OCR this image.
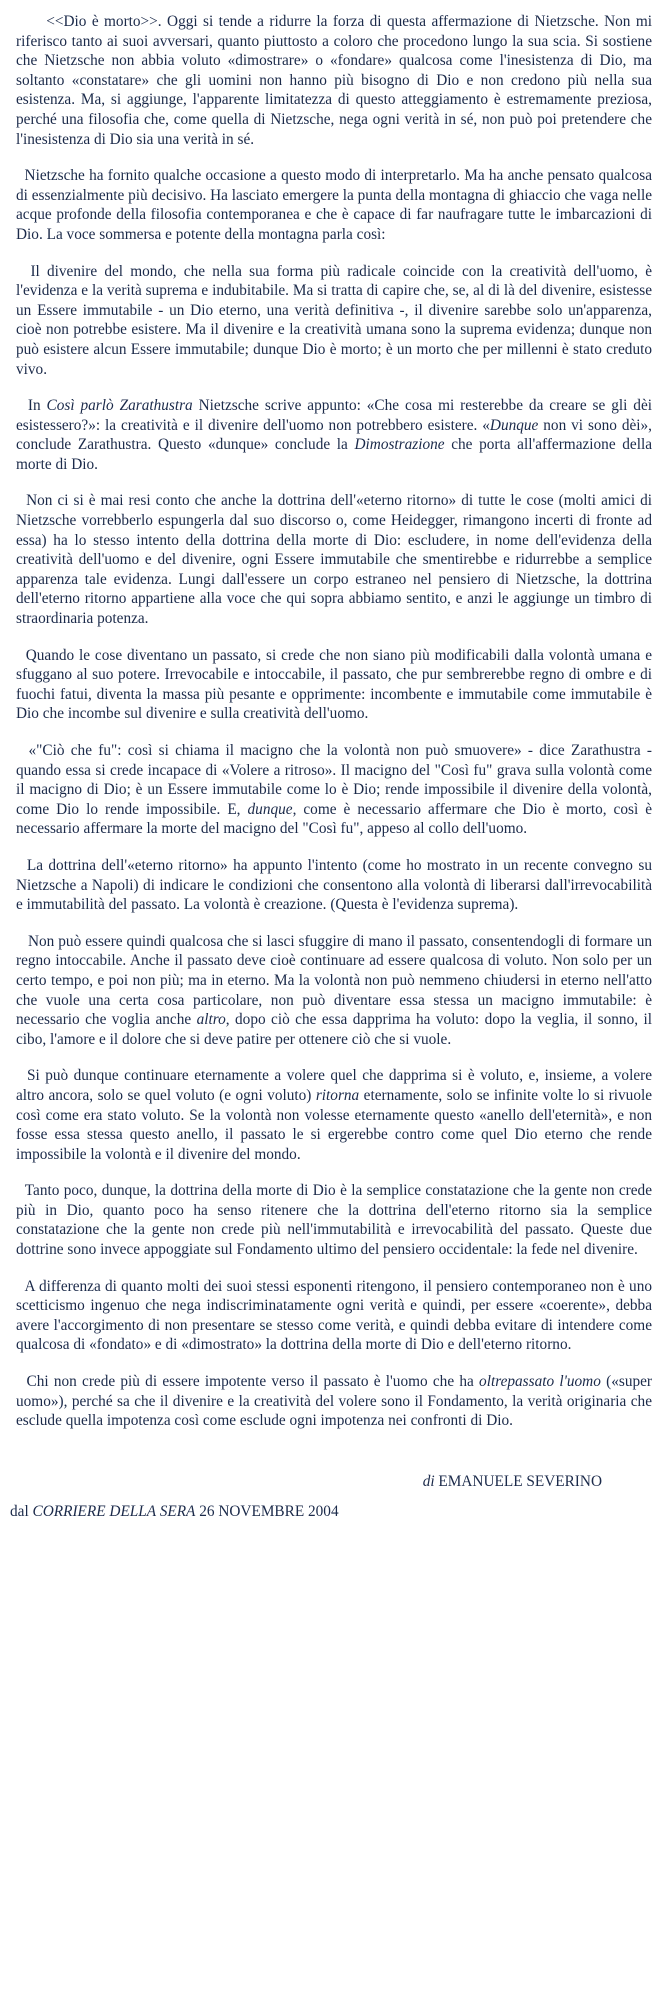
<<Dio è morto>>. Oggi si tende a ridurre la forza di questa affermazione di Nietzsche. Non mi riferisco tanto ai suoi avversari, quanto piuttosto a coloro che procedono lungo la sua scia. Si sostiene che Nietzsche non abbia voluto «dimostrare» o «fondare» qualcosa come l'inesistenza di Dio, ma soltanto «constatare» che gli uomini non hanno più bisogno di Dio e non credono più nella sua esistenza. Ma, si aggiunge, l'apparente limitatezza di questo atteggiamento è estremamente preziosa, perché una filosofia che, come quella di Nietzsche, nega ogni verità in sé, non può poi pretendere che l'inesistenza di Dio sia una verità in sé.

Nietzsche ha fornito qualche occasione a questo modo di interpretarlo. Ma ha anche pensato qualcosa di essenzialmente più decisivo. Ha lasciato emergere la punta della montagna di ghiaccio che vaga nelle acque profonde della filosofia contemporanea e che è capace di far naufragare tutte le imbarcazioni di Dio. La voce sommersa e potente della montagna parla così:

Il divenire del mondo, che nella sua forma più radicale coincide con la creatività dell'uomo, è l'evidenza e la verità suprema e indubitabile. Ma si tratta di capire che, se, al di là del divenire, esistesse un Essere immutabile - un Dio eterno, una verità definitiva -, il divenire sarebbe solo un'apparenza, cioè non potrebbe esistere. Ma il divenire e la creatività umana sono la suprema evidenza; dunque non può esistere alcun Essere immutabile; dunque Dio è morto; è un morto che per millenni è stato creduto vivo.

In Così parlò Zarathustra Nietzsche scrive appunto: «Che cosa mi resterebbe da creare se gli dèi esistessero?»: la creatività e il divenire dell'uomo non potrebbero esistere. «Dunque non vi sono dèi», conclude Zarathustra. Questo «dunque» conclude la Dimostrazione che porta all'affermazione della morte di Dio.

Non ci si è mai resi conto che anche la dottrina dell'«eterno ritorno» di tutte le cose (molti amici di Nietzsche vorrebberlo espungerla dal suo discorso o, come Heidegger, rimangono incerti di fronte ad essa) ha lo stesso intento della dottrina della morte di Dio: escludere, in nome dell'evidenza della creatività dell'uomo e del divenire, ogni Essere immutabile che smentirebbe e ridurrebbe a semplice apparenza tale evidenza. Lungi dall'essere un corpo estraneo nel pensiero di Nietzsche, la dottrina dell'eterno ritorno appartiene alla voce che qui sopra abbiamo sentito, e anzi le aggiunge un timbro di straordinaria potenza.

Quando le cose diventano un passato, si crede che non siano più modificabili dalla volontà umana e sfuggano al suo potere. Irrevocabile e intoccabile, il passato, che pur sembrerebbe regno di ombre e di fuochi fatui, diventa la massa più pesante e opprimente: incombente e immutabile come immutabile è Dio che incombe sul divenire e sulla creatività dell'uomo.

«"Ciò che fu": così si chiama il macigno che la volontà non può smuovere» - dice Zarathustra - quando essa si crede incapace di «Volere a ritroso». Il macigno del "Così fu" grava sulla volontà come il macigno di Dio; è un Essere immutabile come lo è Dio; rende impossibile il divenire della volontà, come Dio lo rende impossibile. E, dunque, come è necessario affermare che Dio è morto, così è necessario affermare la morte del macigno del "Così fu", appeso al collo dell'uomo.

La dottrina dell'«eterno ritorno» ha appunto l'intento (come ho mostrato in un recente convegno su Nietzsche a Napoli) di indicare le condizioni che consentono alla volontà di liberarsi dall'irrevocabilità e immutabilità del passato. La volontà è creazione. (Questa è l'evidenza suprema).

Non può essere quindi qualcosa che si lasci sfuggire di mano il passato, consentendogli di formare un regno intoccabile. Anche il passato deve cioè continuare ad essere qualcosa di voluto. Non solo per un certo tempo, e poi non più; ma in eterno. Ma la volontà non può nemmeno chiudersi in eterno nell'atto che vuole una certa cosa particolare, non può diventare essa stessa un macigno immutabile: è necessario che voglia anche altro, dopo ciò che essa dapprima ha voluto: dopo la veglia, il sonno, il cibo, l'amore e il dolore che si deve patire per ottenere ciò che si vuole.

Si può dunque continuare eternamente a volere quel che dapprima si è voluto, e, insieme, a volere altro ancora, solo se quel voluto (e ogni voluto) ritorna eternamente, solo se infinite volte lo si rivuole così come era stato voluto. Se la volontà non volesse eternamente questo «anello dell'eternità», e non fosse essa stessa questo anello, il passato le si ergerebbe contro come quel Dio eterno che rende impossibile la volontà e il divenire del mondo.

Tanto poco, dunque, la dottrina della morte di Dio è la semplice constatazione che la gente non crede più in Dio, quanto poco ha senso ritenere che la dottrina dell'eterno ritorno sia la semplice constatazione che la gente non crede più nell'immutabilità e irrevocabilità del passato. Queste due dottrine sono invece appoggiate sul Fondamento ultimo del pensiero occidentale: la fede nel divenire.

A differenza di quanto molti dei suoi stessi esponenti ritengono, il pensiero contemporaneo non è uno scetticismo ingenuo che nega indiscriminatamente ogni verità e quindi, per essere «coerente», debba avere l'accorgimento di non presentare se stesso come verità, e quindi debba evitare di intendere come qualcosa di «fondato» e di «dimostrato» la dottrina della morte di Dio e dell'eterno ritorno.

Chi non crede più di essere impotente verso il passato è l'uomo che ha oltrepassato l'uomo («super uomo»), perché sa che il divenire e la creatività del volere sono il Fondamento, la verità originaria che esclude quella impotenza così come esclude ogni impotenza nei confronti di Dio.

di EMANUELE SEVERINO
dal CORRIERE DELLA SERA 26 NOVEMBRE 2004
